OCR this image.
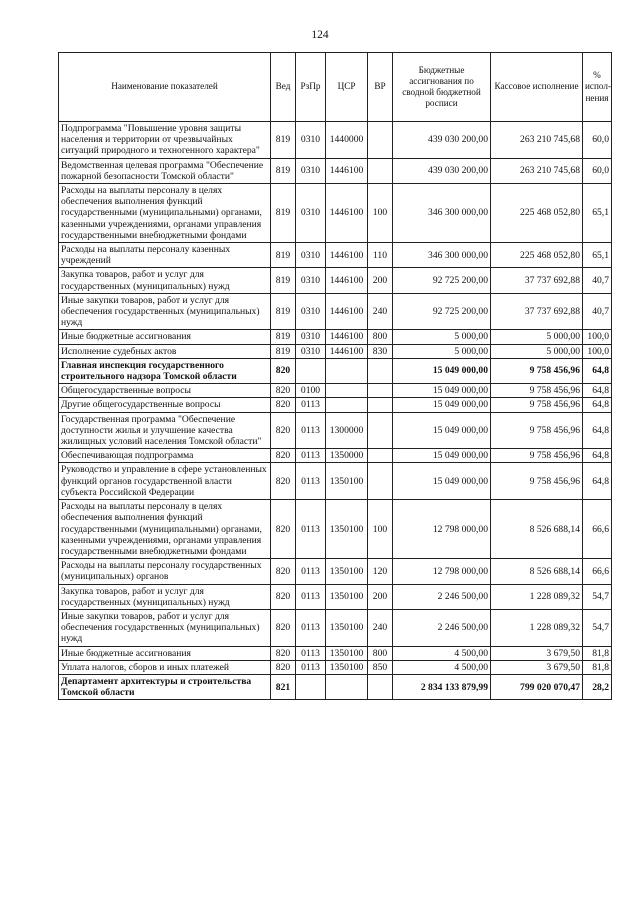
124
Наименование показателей	Вед	РзПр	ЦСР	ВР	Бюджетные ассигнования по сводной бюджетной росписи	Кассовое исполнение	% испол-нения
Подпрограмма "Повышение уровня защиты населения и территории от чрезвычайных ситуаций природного и техногенного характера"	819	0310	1440000		439 030 200,00	263 210 745,68	60,0
Ведомственная целевая программа "Обеспечение пожарной безопасности Томской области"	819	0310	1446100		439 030 200,00	263 210 745,68	60,0
Расходы на выплаты персоналу в целях обеспечения выполнения функций государственными (муниципальными) органами, казенными учреждениями, органами управления государственными внебюджетными фондами	819	0310	1446100	100	346 300 000,00	225 468 052,80	65,1
Расходы на выплаты персоналу казенных учреждений	819	0310	1446100	110	346 300 000,00	225 468 052,80	65,1
Закупка товаров, работ и услуг для государственных (муниципальных) нужд	819	0310	1446100	200	92 725 200,00	37 737 692,88	40,7
Иные закупки товаров, работ и услуг для обеспечения государственных (муниципальных) нужд	819	0310	1446100	240	92 725 200,00	37 737 692,88	40,7
Иные бюджетные ассигнования	819	0310	1446100	800	5 000,00	5 000,00	100,0
Исполнение судебных актов	819	0310	1446100	830	5 000,00	5 000,00	100,0
Главная инспекция государственного строительного надзора Томской области	820				15 049 000,00	9 758 456,96	64,8
Общегосударственные вопросы	820	0100			15 049 000,00	9 758 456,96	64,8
Другие общегосударственные вопросы	820	0113			15 049 000,00	9 758 456,96	64,8
Государственная программа "Обеспечение доступности жилья и улучшение качества жилищных условий населения Томской области"	820	0113	1300000		15 049 000,00	9 758 456,96	64,8
Обеспечивающая подпрограмма	820	0113	1350000		15 049 000,00	9 758 456,96	64,8
Руководство и управление в сфере установленных функций органов государственной власти субъекта Российской Федерации	820	0113	1350100		15 049 000,00	9 758 456,96	64,8
Расходы на выплаты персоналу в целях обеспечения выполнения функций государственными (муниципальными) органами, казенными учреждениями, органами управления государственными внебюджетными фондами	820	0113	1350100	100	12 798 000,00	8 526 688,14	66,6
Расходы на выплаты персоналу государственных (муниципальных) органов	820	0113	1350100	120	12 798 000,00	8 526 688,14	66,6
Закупка товаров, работ и услуг для государственных (муниципальных) нужд	820	0113	1350100	200	2 246 500,00	1 228 089,32	54,7
Иные закупки товаров, работ и услуг для обеспечения государственных (муниципальных) нужд	820	0113	1350100	240	2 246 500,00	1 228 089,32	54,7
Иные бюджетные ассигнования	820	0113	1350100	800	4 500,00	3 679,50	81,8
Уплата налогов, сборов и иных платежей	820	0113	1350100	850	4 500,00	3 679,50	81,8
Департамент архитектуры и строительства Томской области	821				2 834 133 879,99	799 020 070,47	28,2
